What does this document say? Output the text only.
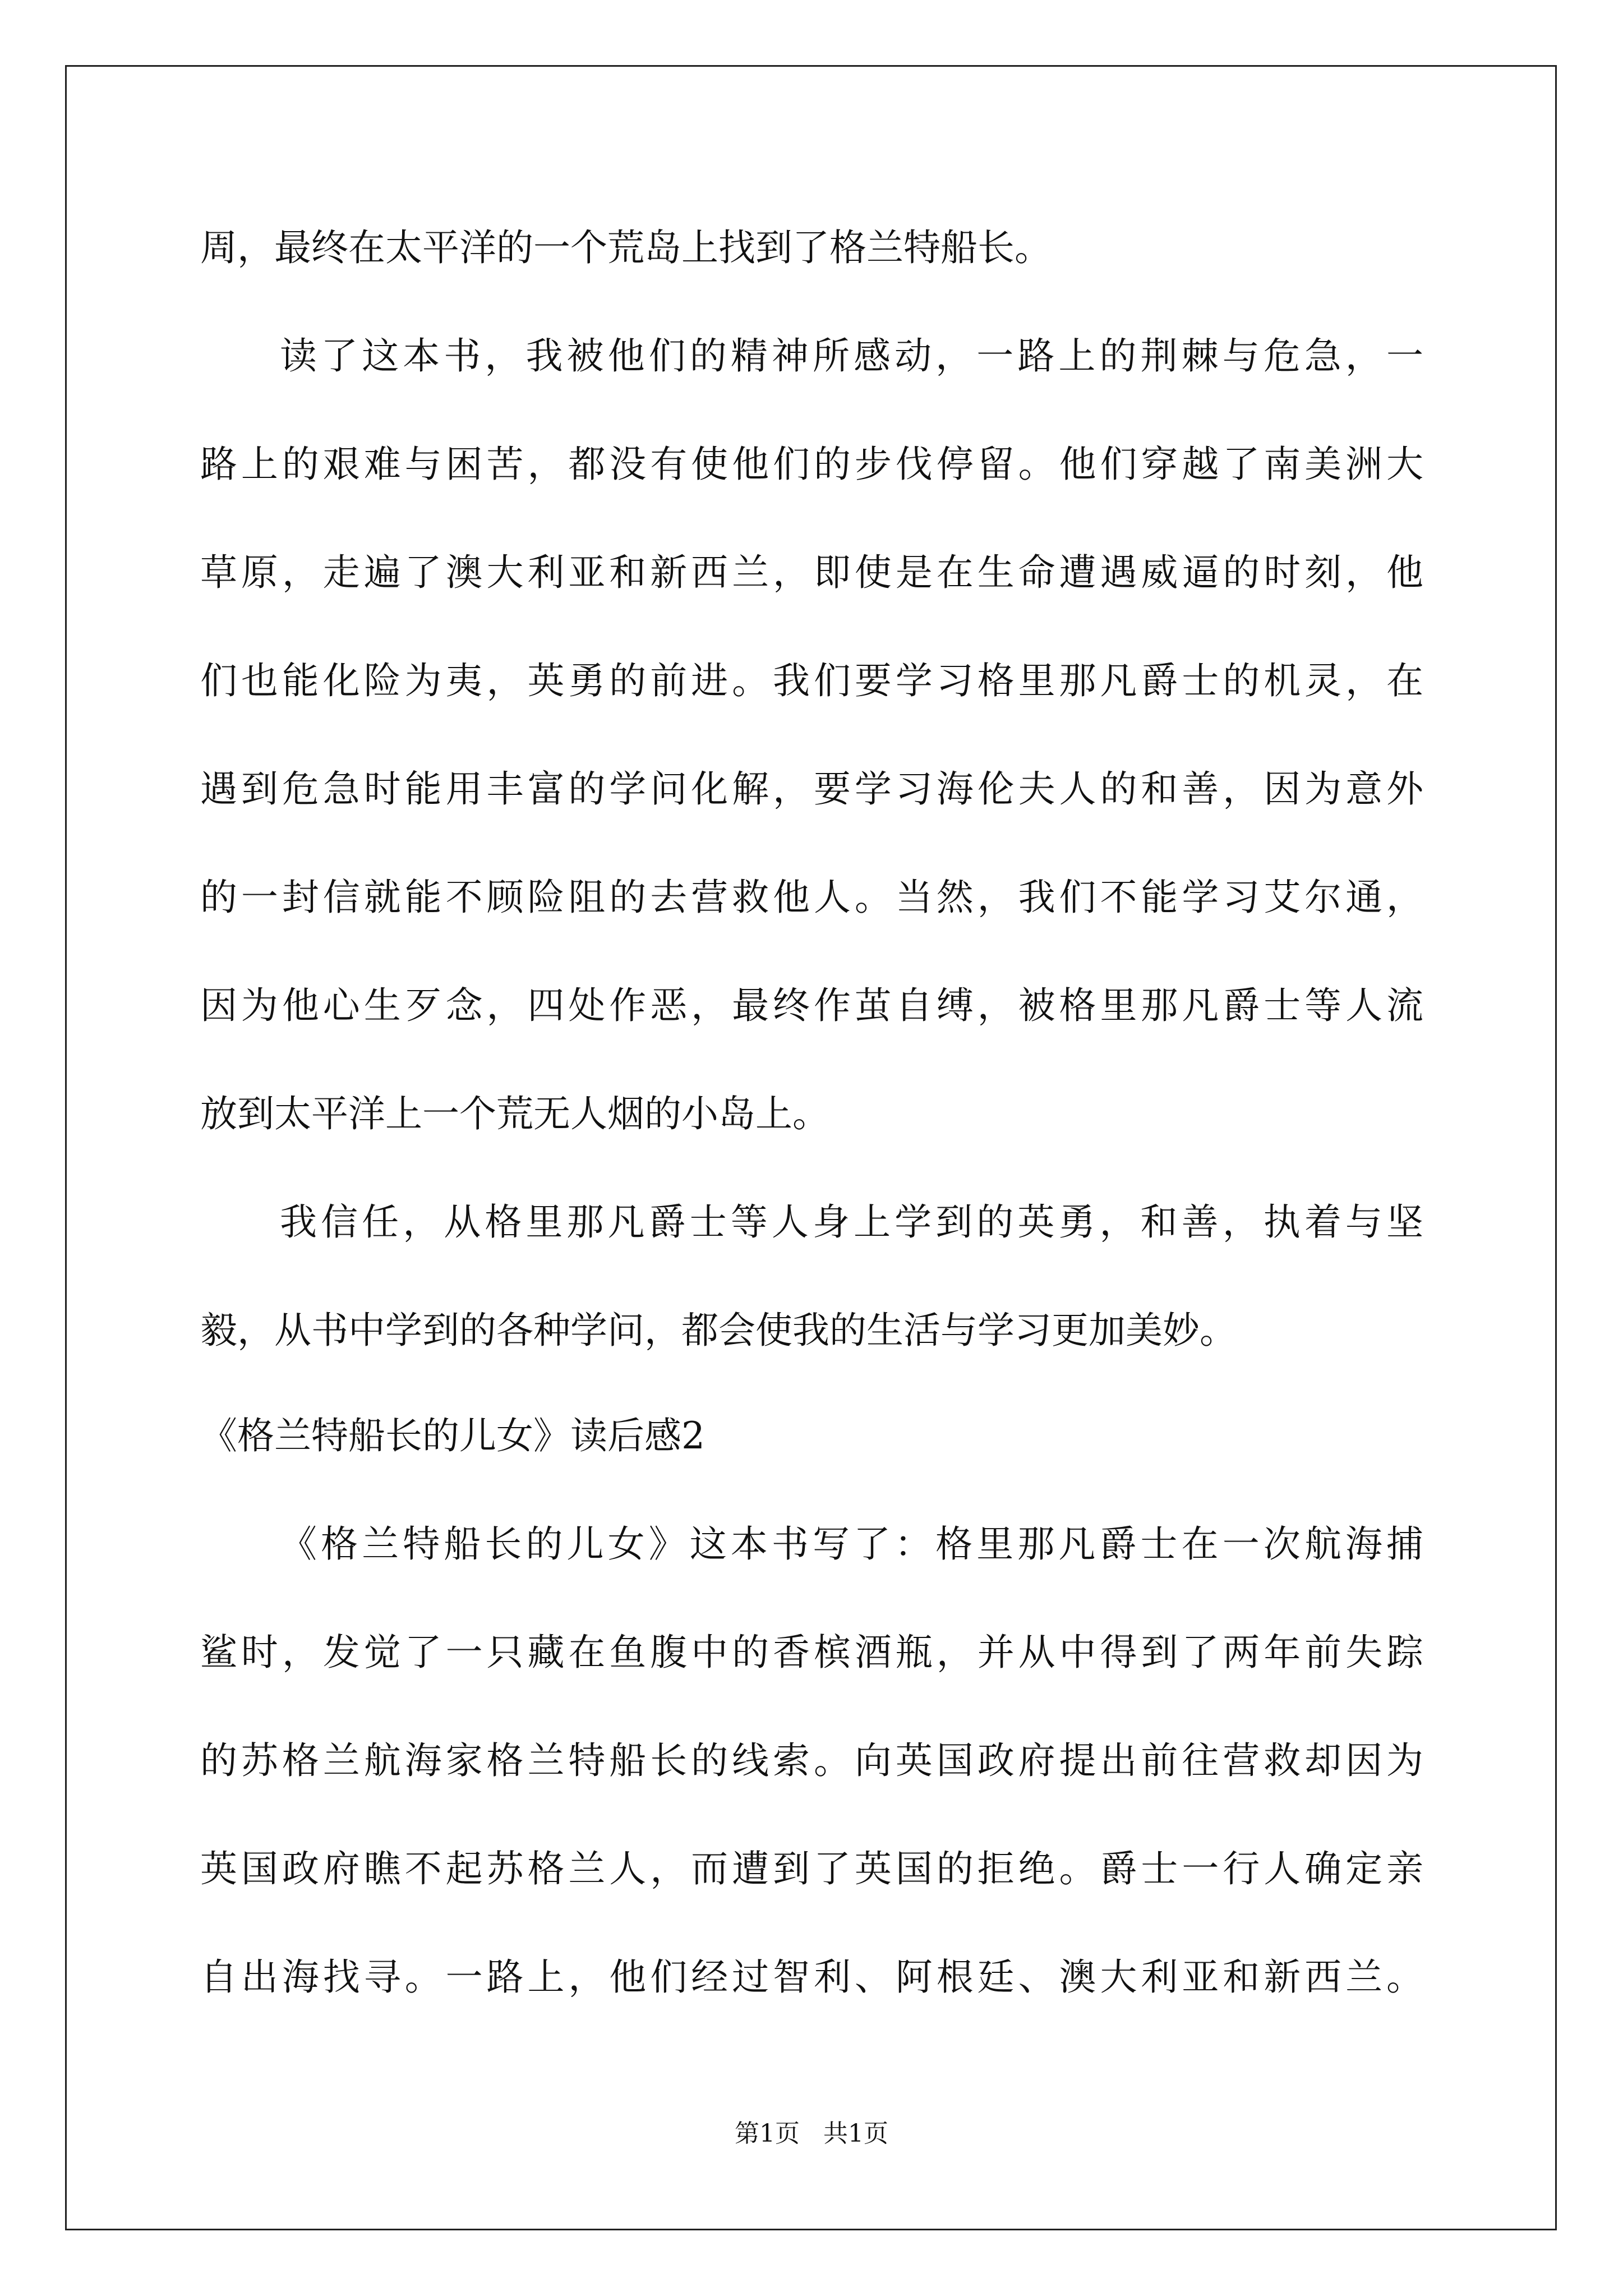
周，最终在太平洋的一个荒岛上找到了格兰特船长。
读了这本书，我被他们的精神所感动，一路上的荆棘与危急，一
路上的艰难与困苦，都没有使他们的步伐停留。他们穿越了南美洲大
草原，走遍了澳大利亚和新西兰，即使是在生命遭遇威逼的时刻，他
们也能化险为夷，英勇的前进。我们要学习格里那凡爵士的机灵，在
遇到危急时能用丰富的学问化解，要学习海伦夫人的和善，因为意外
的一封信就能不顾险阻的去营救他人。当然，我们不能学习艾尔通，
因为他心生歹念，四处作恶，最终作茧自缚，被格里那凡爵士等人流
放到太平洋上一个荒无人烟的小岛上。
我信任，从格里那凡爵士等人身上学到的英勇，和善，执着与坚
毅，从书中学到的各种学问，都会使我的生活与学习更加美妙。
《格兰特船长的儿女》读后感2
《格兰特船长的儿女》这本书写了：格里那凡爵士在一次航海捕
鲨时，发觉了一只藏在鱼腹中的香槟酒瓶，并从中得到了两年前失踪
的苏格兰航海家格兰特船长的线索。向英国政府提出前往营救却因为
英国政府瞧不起苏格兰人，而遭到了英国的拒绝。爵士一行人确定亲
自出海找寻。一路上，他们经过智利、阿根廷、澳大利亚和新西兰。
第1页   共1页
